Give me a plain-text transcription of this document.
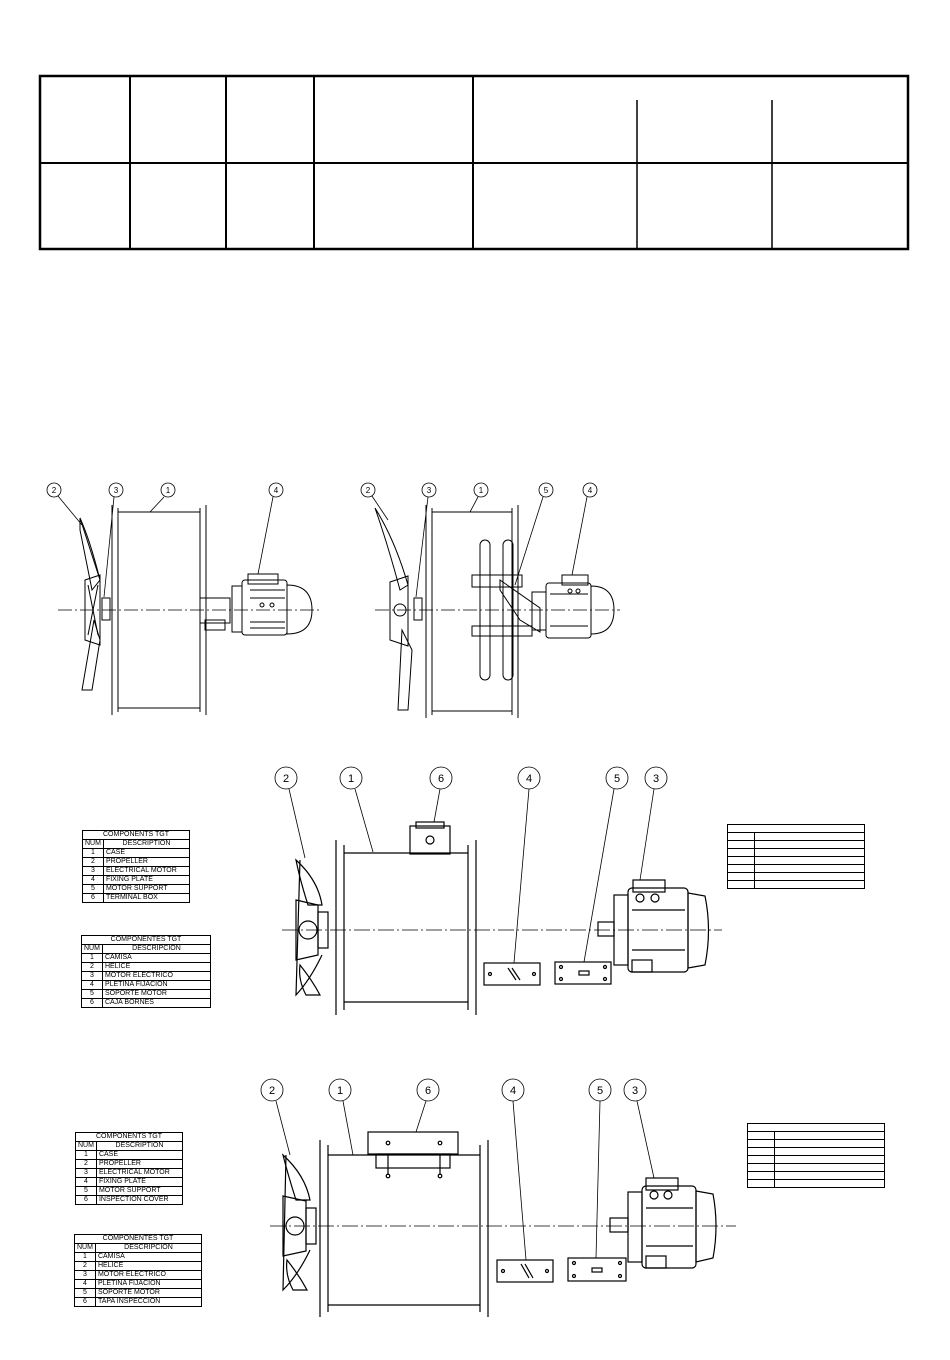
2	3	1	4	2	3	1	5	4
2	1	6	4	5	3
2	1	6	4	5	3
COMPONENTS TGT	
NUM	DESCRIPTION
1	CASE
2	PROPELLER
3	ELECTRICAL MOTOR
4	FIXING PLATE
5	MOTOR SUPPORT
6	TERMINAL BOX
COMPONENTES TGT	
NUM	DESCRIPCION
1	CAMISA
2	HELICE
3	MOTOR ELECTRICO
4	PLETINA FIJACION
5	SOPORTE MOTOR
6	CAJA BORNES
COMPONENTS TGT	
NUM	DESCRIPTION
1	CASE
2	PROPELLER
3	ELECTRICAL MOTOR
4	FIXING PLATE
5	MOTOR SUPPORT
6	INSPECTION COVER
COMPONENTES TGT	
NUM	DESCRIPCION
1	CAMISA
2	HELICE
3	MOTOR ELECTRICO
4	PLETINA FIJACION
5	SOPORTE MOTOR
6	TAPA INSPECCION
